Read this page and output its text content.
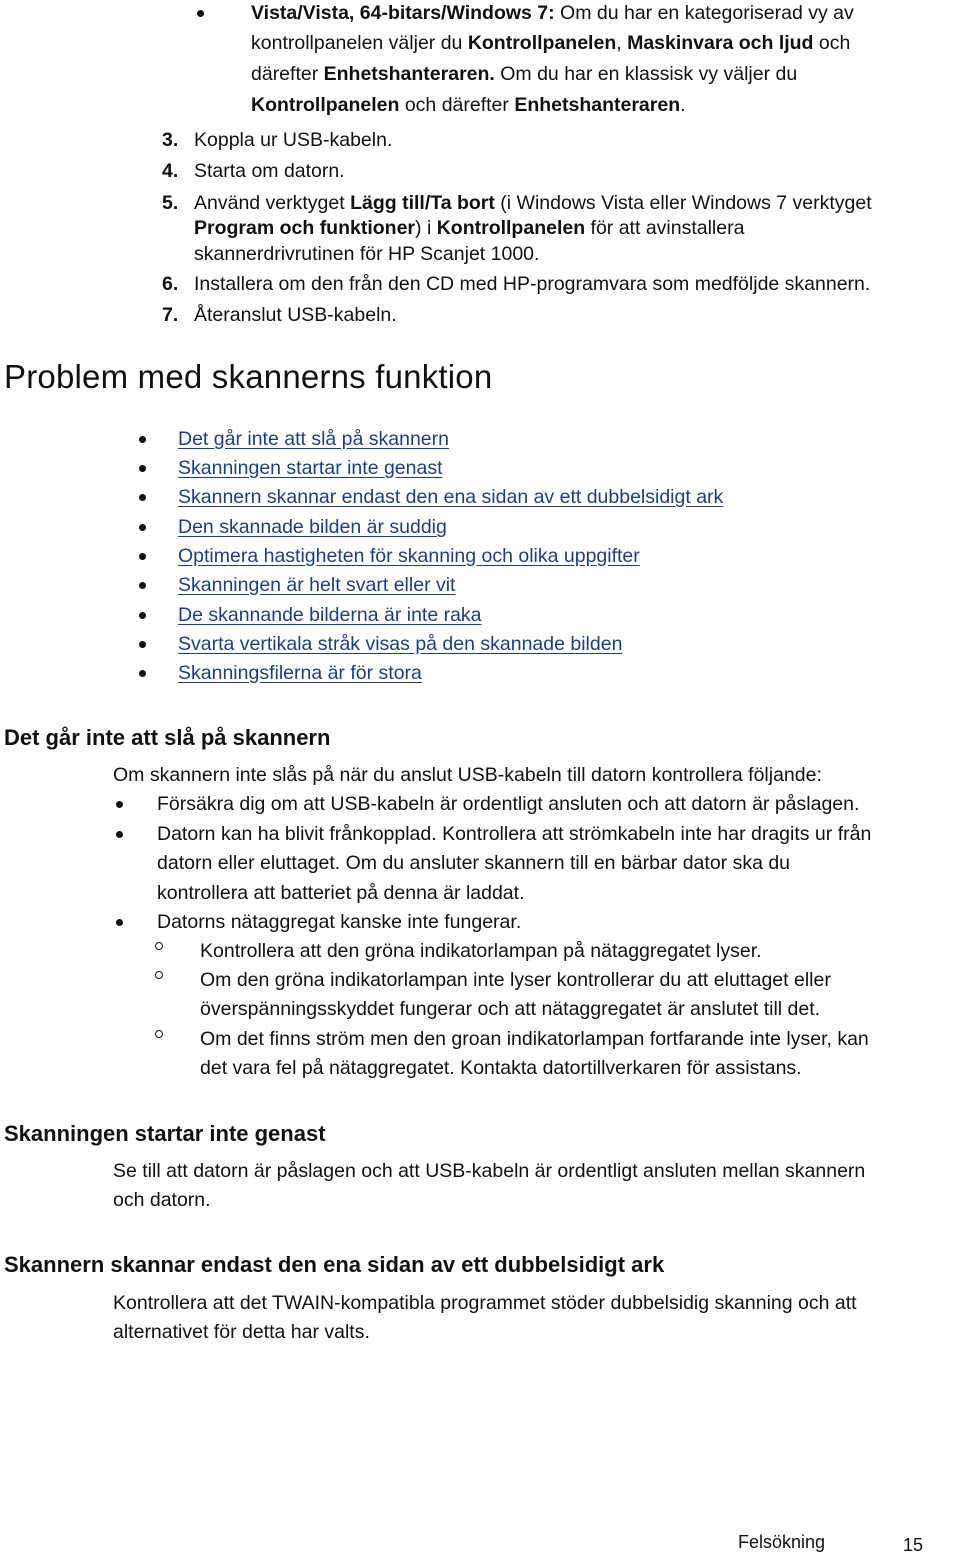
Vista/Vista, 64-bitars/Windows 7: Om du har en kategoriserad vy av
kontrollpanelen väljer du Kontrollpanelen, Maskinvara och ljud och
därefter Enhetshanteraren. Om du har en klassisk vy väljer du
Kontrollpanelen och därefter Enhetshanteraren.
3. Koppla ur USB-kabeln.
4. Starta om datorn.
5. Använd verktyget Lägg till/Ta bort (i Windows Vista eller Windows 7 verktyget
Program och funktioner) i Kontrollpanelen för att avinstallera
skannerdrivrutinen för HP Scanjet 1000.
6. Installera om den från den CD med HP-programvara som medföljde skannern.
7. Återanslut USB-kabeln.
Problem med skannerns funktion
Det går inte att slå på skannern
Skanningen startar inte genast
Skannern skannar endast den ena sidan av ett dubbelsidigt ark
Den skannade bilden är suddig
Optimera hastigheten för skanning och olika uppgifter
Skanningen är helt svart eller vit
De skannande bilderna är inte raka
Svarta vertikala stråk visas på den skannade bilden
Skanningsfilerna är för stora
Det går inte att slå på skannern
Om skannern inte slås på när du anslut USB-kabeln till datorn kontrollera följande:
Försäkra dig om att USB-kabeln är ordentligt ansluten och att datorn är påslagen.
Datorn kan ha blivit frånkopplad. Kontrollera att strömkabeln inte har dragits ur från
datorn eller eluttaget. Om du ansluter skannern till en bärbar dator ska du
kontrollera att batteriet på denna är laddat.
Datorns nätaggregat kanske inte fungerar.
Kontrollera att den gröna indikatorlampan på nätaggregatet lyser.
Om den gröna indikatorlampan inte lyser kontrollerar du att eluttaget eller
överspänningsskyddet fungerar och att nätaggregatet är anslutet till det.
Om det finns ström men den groan indikatorlampan fortfarande inte lyser, kan
det vara fel på nätaggregatet. Kontakta datortillverkaren för assistans.
Skanningen startar inte genast
Se till att datorn är påslagen och att USB-kabeln är ordentligt ansluten mellan skannern
och datorn.
Skannern skannar endast den ena sidan av ett dubbelsidigt ark
Kontrollera att det TWAIN-kompatibla programmet stöder dubbelsidig skanning och att
alternativet för detta har valts.
Felsökning	15
